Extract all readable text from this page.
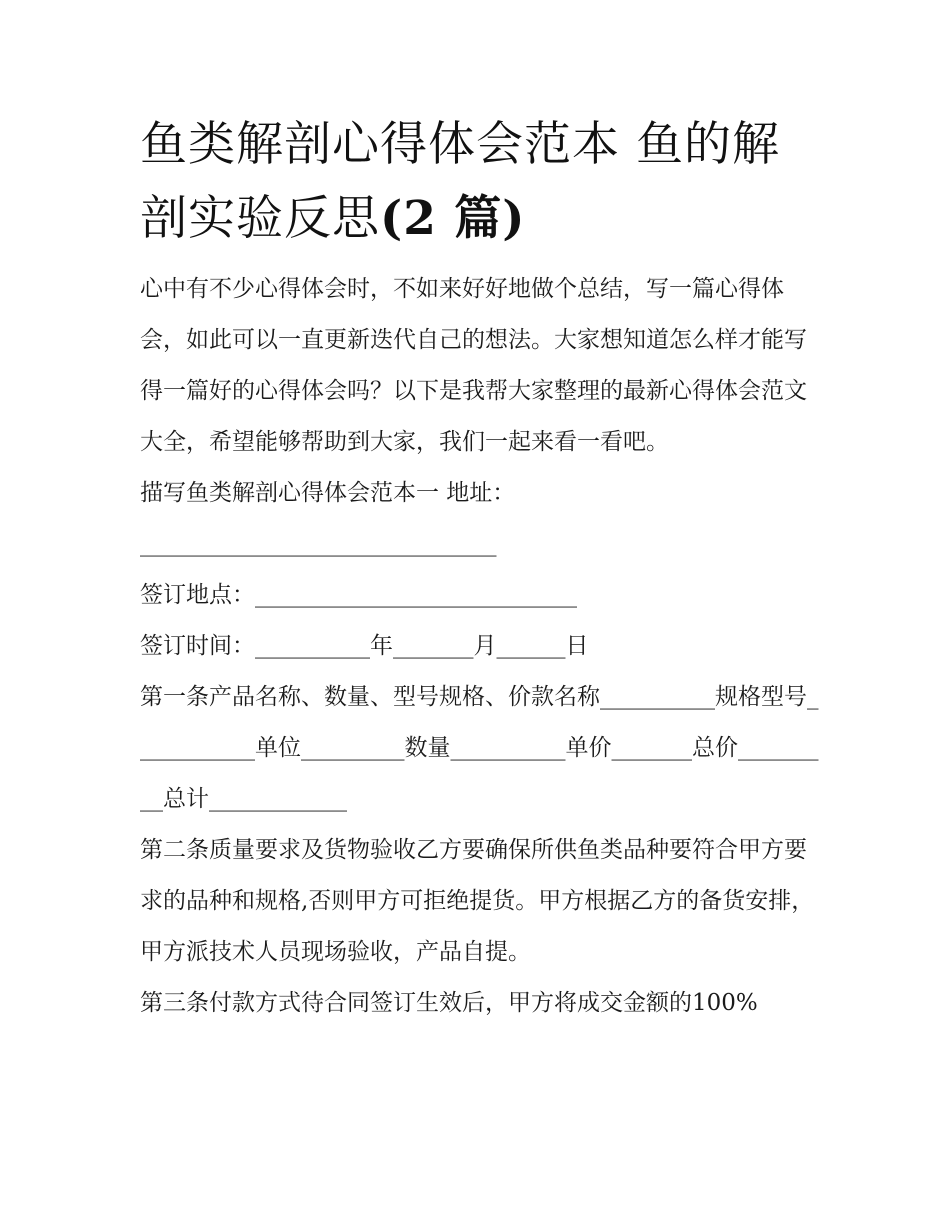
鱼类解剖心得体会范本 鱼的解
剖实验反思(2 篇)

心中有不少心得体会时，不如来好好地做个总结，写一篇心得体会，如此可以一直更新迭代自己的想法。大家想知道怎么样才能写得一篇好的心得体会吗？以下是我帮大家整理的最新心得体会范文大全，希望能够帮助到大家，我们一起来看一看吧。

描写鱼类解剖心得体会范本一 地址：

_______________________________

签订地点：____________________________

签订时间：__________年_______月______日

第一条产品名称、数量、型号规格、价款名称__________规格型号___________单位_________数量__________单价_______总价_________总计____________

第二条质量要求及货物验收乙方要确保所供鱼类品种要符合甲方要求的品种和规格,否则甲方可拒绝提货。甲方根据乙方的备货安排，甲方派技术人员现场验收，产品自提。

第三条付款方式待合同签订生效后，甲方将成交金额的100%
